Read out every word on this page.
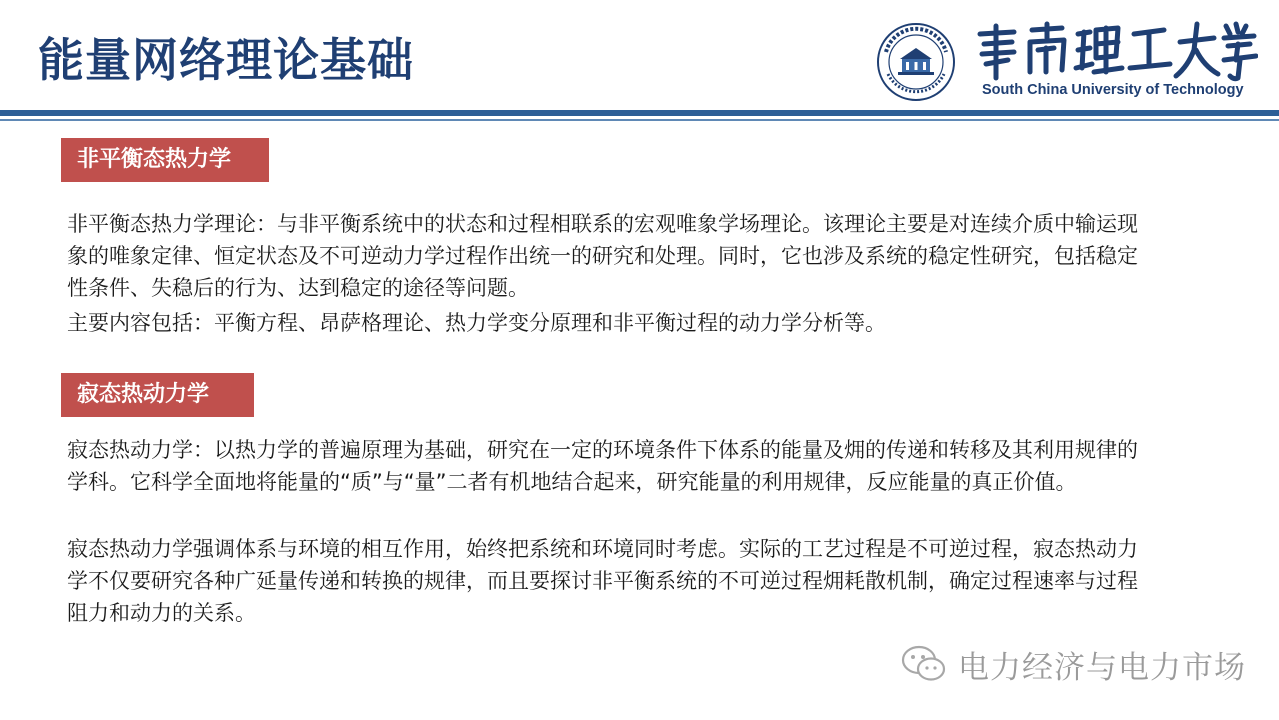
能量网络理论基础
South China University of Technology
非平衡态热力学
非平衡态热力学理论：与非平衡系统中的状态和过程相联系的宏观唯象学场理论。该理论主要是对连续介质中输运现象的唯象定律、恒定状态及不可逆动力学过程作出统一的研究和处理。同时，它也涉及系统的稳定性研究，包括稳定性条件、失稳后的行为、达到稳定的途径等问题。
主要内容包括：平衡方程、昂萨格理论、热力学变分原理和非平衡过程的动力学分析等。
寂态热动力学
寂态热动力学：以热力学的普遍原理为基础，研究在一定的环境条件下体系的能量及㶲的传递和转移及其利用规律的学科。它科学全面地将能量的“质”与“量”二者有机地结合起来，研究能量的利用规律，反应能量的真正价值。
寂态热动力学强调体系与环境的相互作用，始终把系统和环境同时考虑。实际的工艺过程是不可逆过程，寂态热动力学不仅要研究各种广延量传递和转换的规律，而且要探讨非平衡系统的不可逆过程㶲耗散机制，确定过程速率与过程阻力和动力的关系。
电力经济与电力市场
